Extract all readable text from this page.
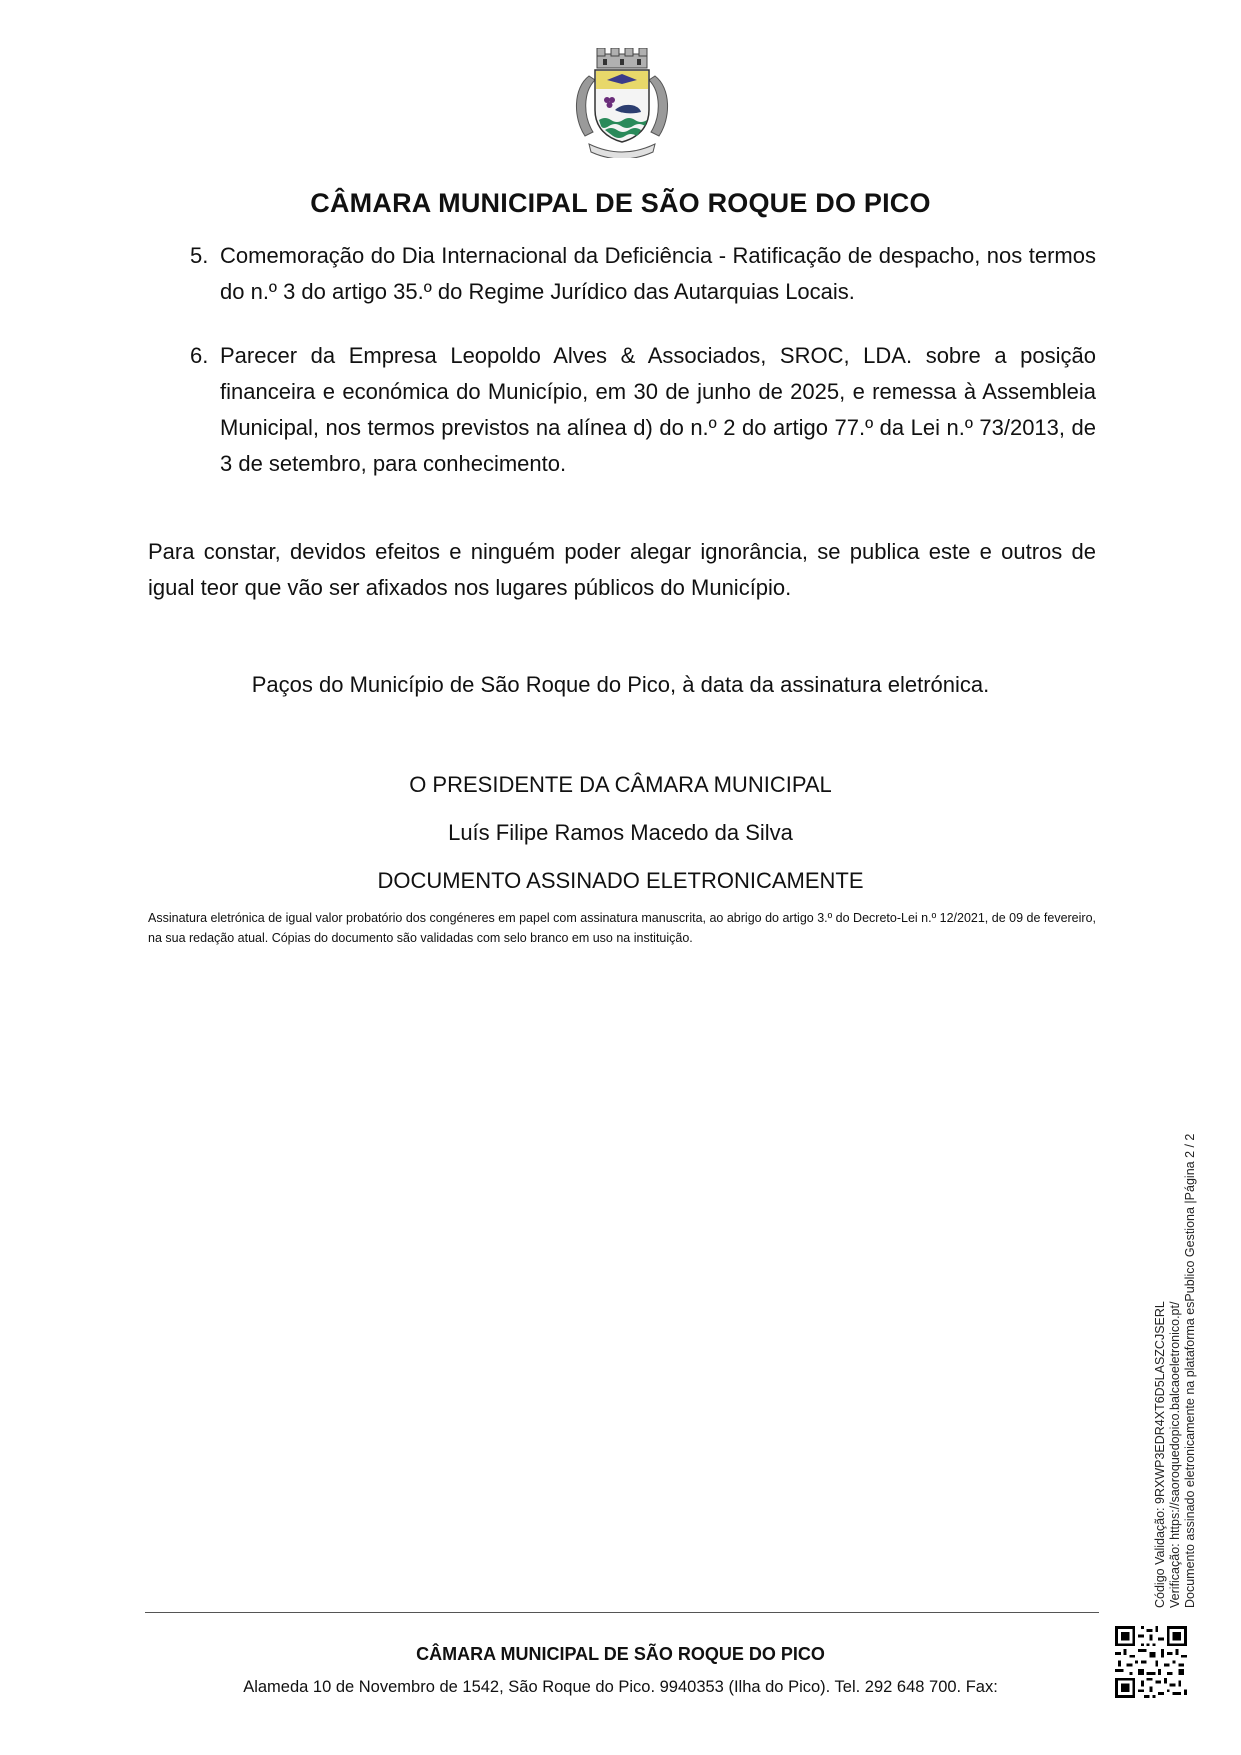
CÂMARA MUNICIPAL DE SÃO ROQUE DO PICO
5. Comemoração do Dia Internacional da Deficiência - Ratificação de despacho, nos termos do n.º 3 do artigo 35.º do Regime Jurídico das Autarquias Locais.
6. Parecer da Empresa Leopoldo Alves & Associados, SROC, LDA. sobre a posição financeira e económica do Município, em 30 de junho de 2025, e remessa à Assembleia Municipal, nos termos previstos na alínea d) do n.º 2 do artigo 77.º da Lei n.º 73/2013, de 3 de setembro, para conhecimento.
Para constar, devidos efeitos e ninguém poder alegar ignorância, se publica este e outros de igual teor que vão ser afixados nos lugares públicos do Município.
Paços do Município de São Roque do Pico, à data da assinatura eletrónica.
O PRESIDENTE DA CÂMARA MUNICIPAL
Luís Filipe Ramos Macedo da Silva
DOCUMENTO ASSINADO ELETRONICAMENTE
Assinatura eletrónica de igual valor probatório dos congéneres em papel com assinatura manuscrita, ao abrigo do artigo 3.º do Decreto-Lei n.º 12/2021, de 09 de fevereiro, na sua redação atual. Cópias do documento são validadas com selo branco em uso na instituição.
Código Validação: 9RXWP3EDR4XT6D5LASZCJSERL Verificação: https://saoroquedopico.balcaoeletronico.pt/ Documento assinado eletronicamente na plataforma esPublico Gestiona |Página 2 / 2
CÂMARA MUNICIPAL DE SÃO ROQUE DO PICO
Alameda 10 de Novembro de 1542, São Roque do Pico. 9940353 (Ilha do Pico). Tel. 292 648 700. Fax:
